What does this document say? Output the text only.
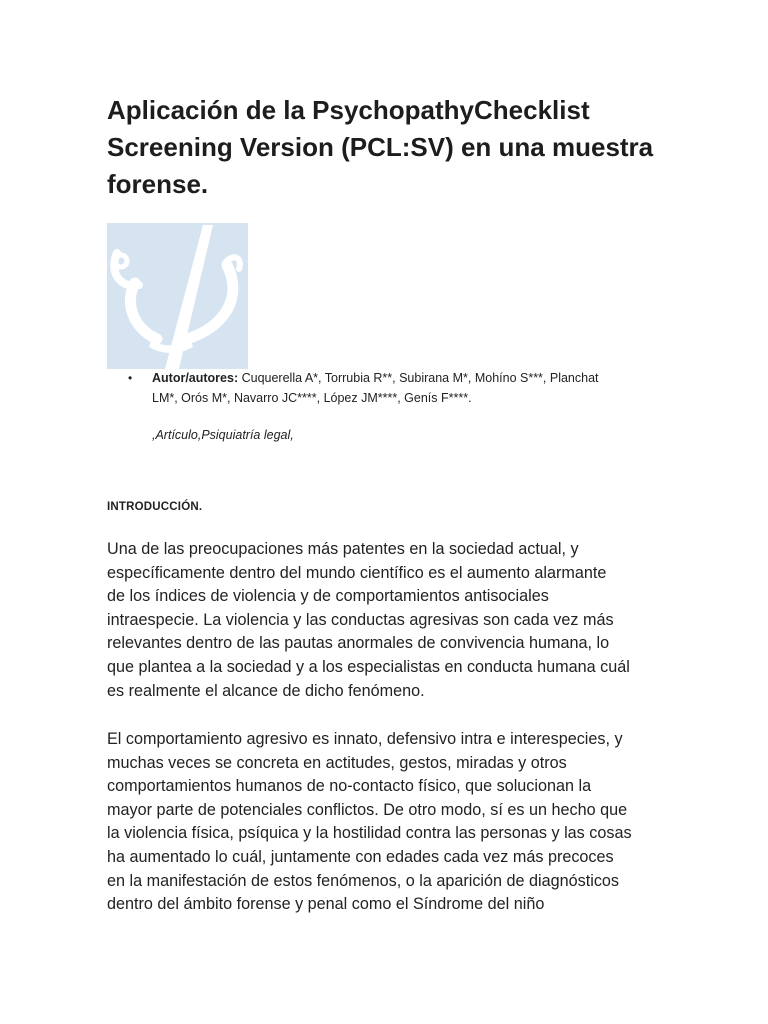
Aplicación de la PsychopathyChecklist
Screening Version (PCL:SV) en una muestra
forense.
• Autor/autores: Cuquerella A*, Torrubia R**, Subirana M*, Mohíno S***, Planchat
LM*, Orós M*, Navarro JC****, López JM****, Genís F****.
,Artículo,Psiquiatría legal,
INTRODUCCIÓN.

Una de las preocupaciones más patentes en la sociedad actual, y
específicamente dentro del mundo científico es el aumento alarmante
de los índices de violencia y de comportamientos antisociales
intraespecie. La violencia y las conductas agresivas son cada vez más
relevantes dentro de las pautas anormales de convivencia humana, lo
que plantea a la sociedad y a los especialistas en conducta humana cuál
es realmente el alcance de dicho fenómeno.

El comportamiento agresivo es innato, defensivo intra e interespecies, y
muchas veces se concreta en actitudes, gestos, miradas y otros
comportamientos humanos de no-contacto físico, que solucionan la
mayor parte de potenciales conflictos. De otro modo, sí es un hecho que
la violencia física, psíquica y la hostilidad contra las personas y las cosas
ha aumentado lo cuál, juntamente con edades cada vez más precoces
en la manifestación de estos fenómenos, o la aparición de diagnósticos
dentro del ámbito forense y penal como el Síndrome del niño
